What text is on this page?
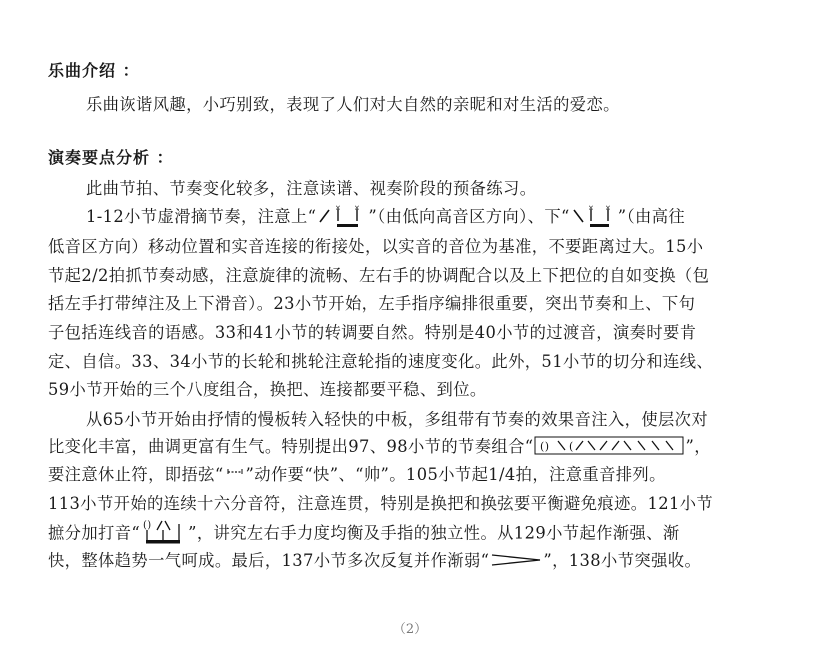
乐曲介绍 ：
乐曲诙谐风趣，小巧别致，表现了人们对大自然的亲昵和对生活的爱恋。
演奏要点分析 ：
此曲节拍、节奏变化较多，注意读谱、视奏阶段的预备练习。
1-12小节虚滑摘节奏，注意上“	× × ”（由低向高音区方向）、下“	× × ”（由高往
低音区方向）移动位置和实音连接的衔接处，以实音的音位为基准，不要距离过大。15小
节起2/2拍抓节奏动感，注意旋律的流畅、左右手的协调配合以及上下把位的自如变换（包
括左手打带绰注及上下滑音）。23小节开始，左手指序编排很重要，突出节奏和上、下句
子包括连线音的语感。33和41小节的转调要自然。特别是40小节的过渡音，演奏时要肯
定、自信。33、34小节的长轮和挑轮注意轮指的速度变化。此外，51小节的切分和连线、
59小节开始的三个八度组合，换把、连接都要平稳、到位。
从65小节开始由抒情的慢板转入轻快的中板，多组带有节奏的效果音注入，使层次对
比变化丰富，曲调更富有生气。特别提出97、98小节的节奏组合“ () (	”，
要注意休止符，即捂弦“ ”动作要“快”、“帅”。105小节起1/4拍，注意重音排列。
113小节开始的连续十六分音符，注意连贯，特别是换把和换弦要平衡避免痕迹。121小节
摭分加打音“ () ”，讲究左右手力度均衡及手指的独立性。从129小节起作渐强、渐
快，整体趋势一气呵成。最后，137小节多次反复并作渐弱“	”，138小节突强收。
（2）
